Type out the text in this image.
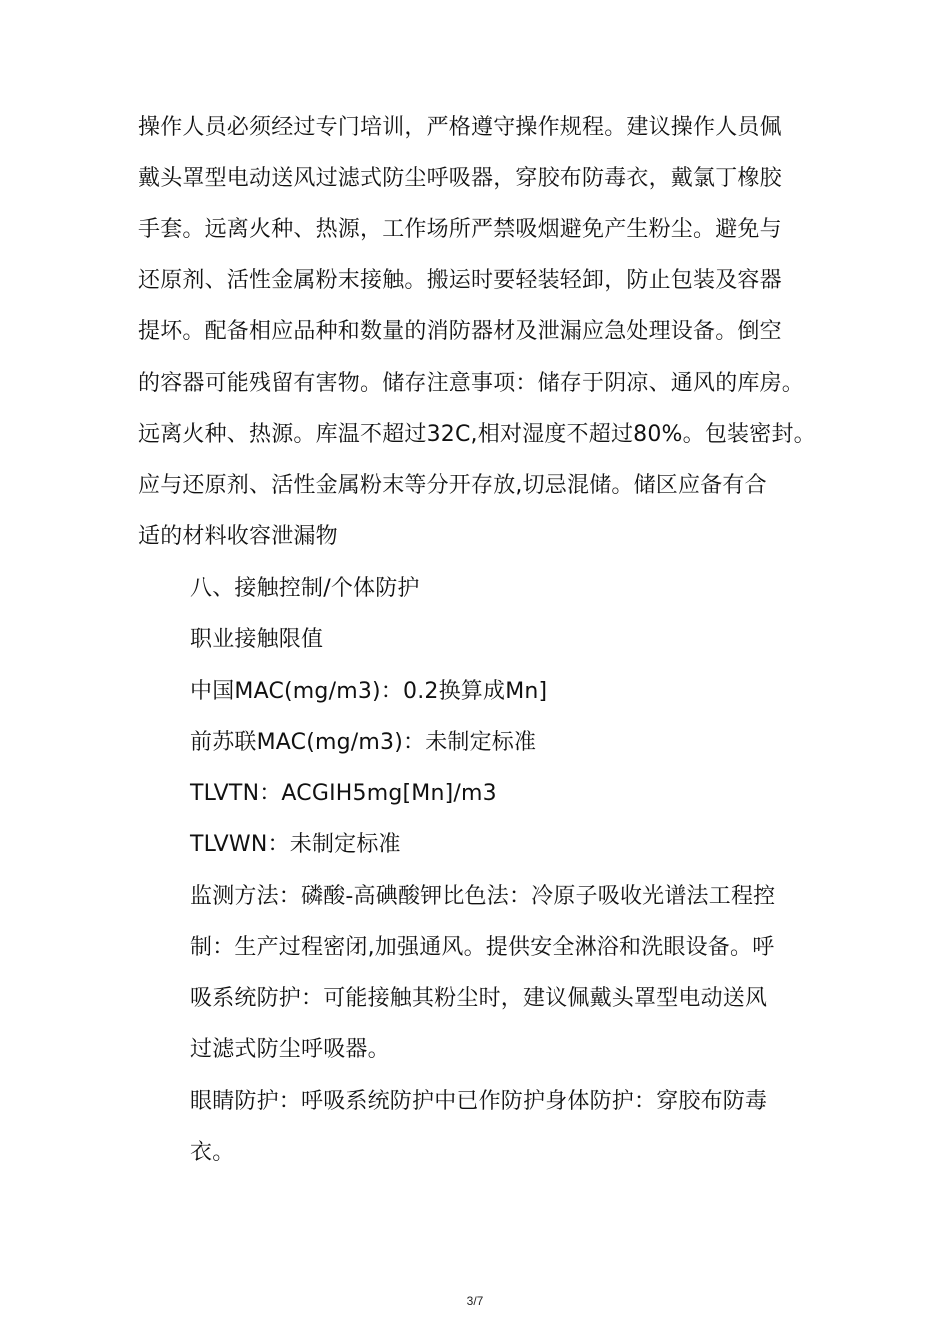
操作人员必须经过专门培训，严格遵守操作规程。建议操作人员佩
戴头罩型电动送风过滤式防尘呼吸器，穿胶布防毒衣，戴氯丁橡胶
手套。远离火种、热源，工作场所严禁吸烟避免产生粉尘。避免与
还原剂、活性金属粉末接触。搬运时要轻装轻卸，防止包装及容器
提坏。配备相应品种和数量的消防器材及泄漏应急处理设备。倒空
的容器可能残留有害物。储存注意事项：储存于阴凉、通风的库房。
远离火种、热源。库温不超过32C,相对湿度不超过80%。包装密封。
应与还原剂、活性金属粉末等分开存放,切忌混储。储区应备有合
适的材料收容泄漏物
八、接触控制/个体防护
职业接触限值
中国MAC(mg/m3)：0.2换算成Mn]
前苏联MAC(mg/m3)：未制定标准
TLVTN：ACGIH5mg[Mn]/m3
TLVWN：未制定标准
监测方法：磷酸-高碘酸钾比色法：冷原子吸收光谱法工程控
制：生产过程密闭,加强通风。提供安全淋浴和洗眼设备。呼
吸系统防护：可能接触其粉尘时，建议佩戴头罩型电动送风
过滤式防尘呼吸器。
眼睛防护：呼吸系统防护中已作防护身体防护：穿胶布防毒
衣。
3/7
